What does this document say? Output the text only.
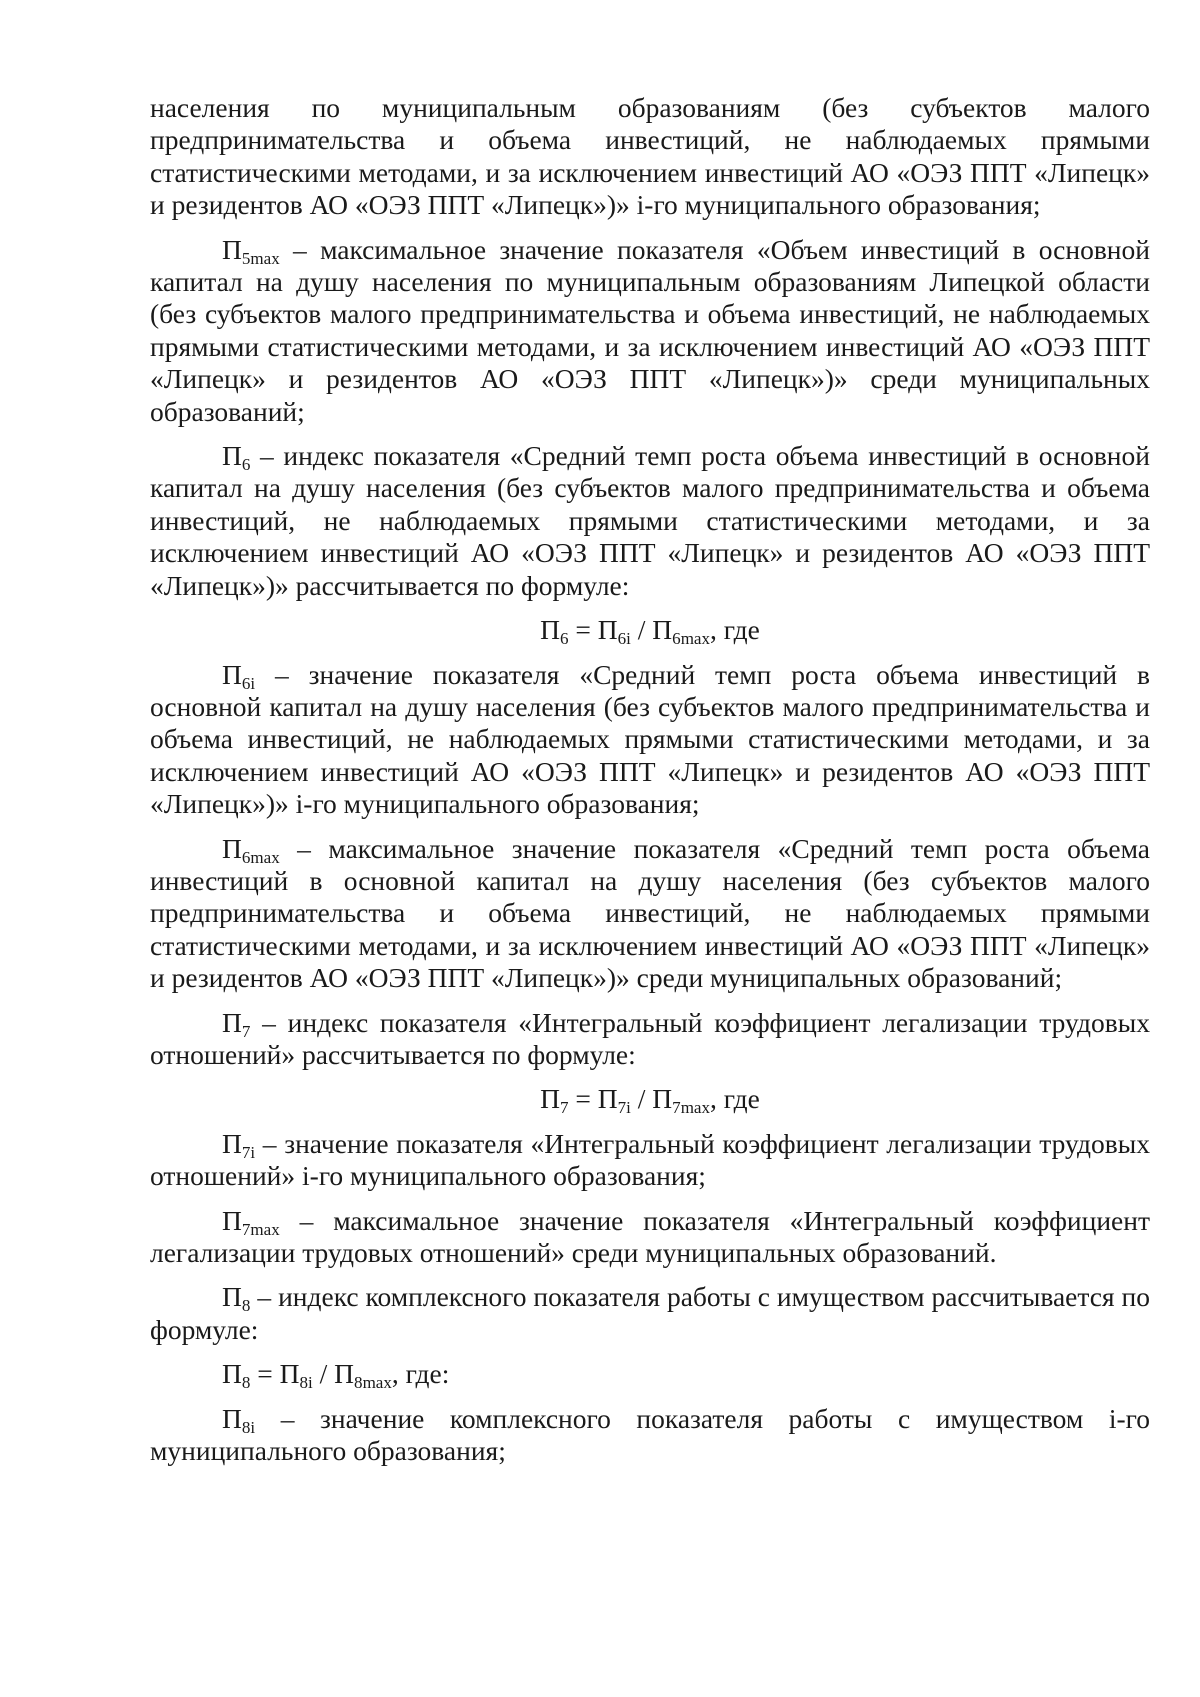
населения по муниципальным образованиям (без субъектов малого предпринимательства и объема инвестиций, не наблюдаемых прямыми статистическими методами, и за исключением инвестиций АО «ОЭЗ ППТ «Липецк» и резидентов АО «ОЭЗ ППТ «Липецк»)» i-го муниципального образования;

$П_{5max}$ – максимальное значение показателя «Объем инвестиций в основной капитал на душу населения по муниципальным образованиям Липецкой области (без субъектов малого предпринимательства и объема инвестиций, не наблюдаемых прямыми статистическими методами, и за исключением инвестиций АО «ОЭЗ ППТ «Липецк» и резидентов АО «ОЭЗ ППТ «Липецк»)» среди муниципальных образований;

$П_6$ – индекс показателя «Средний темп роста объема инвестиций в основной капитал на душу населения (без субъектов малого предпринимательства и объема инвестиций, не наблюдаемых прямыми статистическими методами, и за исключением инвестиций АО «ОЭЗ ППТ «Липецк» и резидентов АО «ОЭЗ ППТ «Липецк»)» рассчитывается по формуле:

$П_6 = П_{6i} / П_{6max}$, где

$П_{6i}$ – значение показателя «Средний темп роста объема инвестиций в основной капитал на душу населения (без субъектов малого предпринимательства и объема инвестиций, не наблюдаемых прямыми статистическими методами, и за исключением инвестиций АО «ОЭЗ ППТ «Липецк» и резидентов АО «ОЭЗ ППТ «Липецк»)» i-го муниципального образования;

$П_{6max}$ – максимальное значение показателя «Средний темп роста объема инвестиций в основной капитал на душу населения (без субъектов малого предпринимательства и объема инвестиций, не наблюдаемых прямыми статистическими методами, и за исключением инвестиций АО «ОЭЗ ППТ «Липецк» и резидентов АО «ОЭЗ ППТ «Липецк»)» среди муниципальных образований;

$П_7$ – индекс показателя «Интегральный коэффициент легализации трудовых отношений» рассчитывается по формуле:

$П_7 = П_{7i} / П_{7max}$, где

$П_{7i}$ – значение показателя «Интегральный коэффициент легализации трудовых отношений» i-го муниципального образования;

$П_{7max}$ – максимальное значение показателя «Интегральный коэффициент легализации трудовых отношений» среди муниципальных образований.

$П_8$ – индекс комплексного показателя работы с имуществом рассчитывается по формуле:

$П_8 = П_{8i} / П_{8max}$, где:

$П_{8i}$ – значение комплексного показателя работы с имуществом i-го муниципального образования;
